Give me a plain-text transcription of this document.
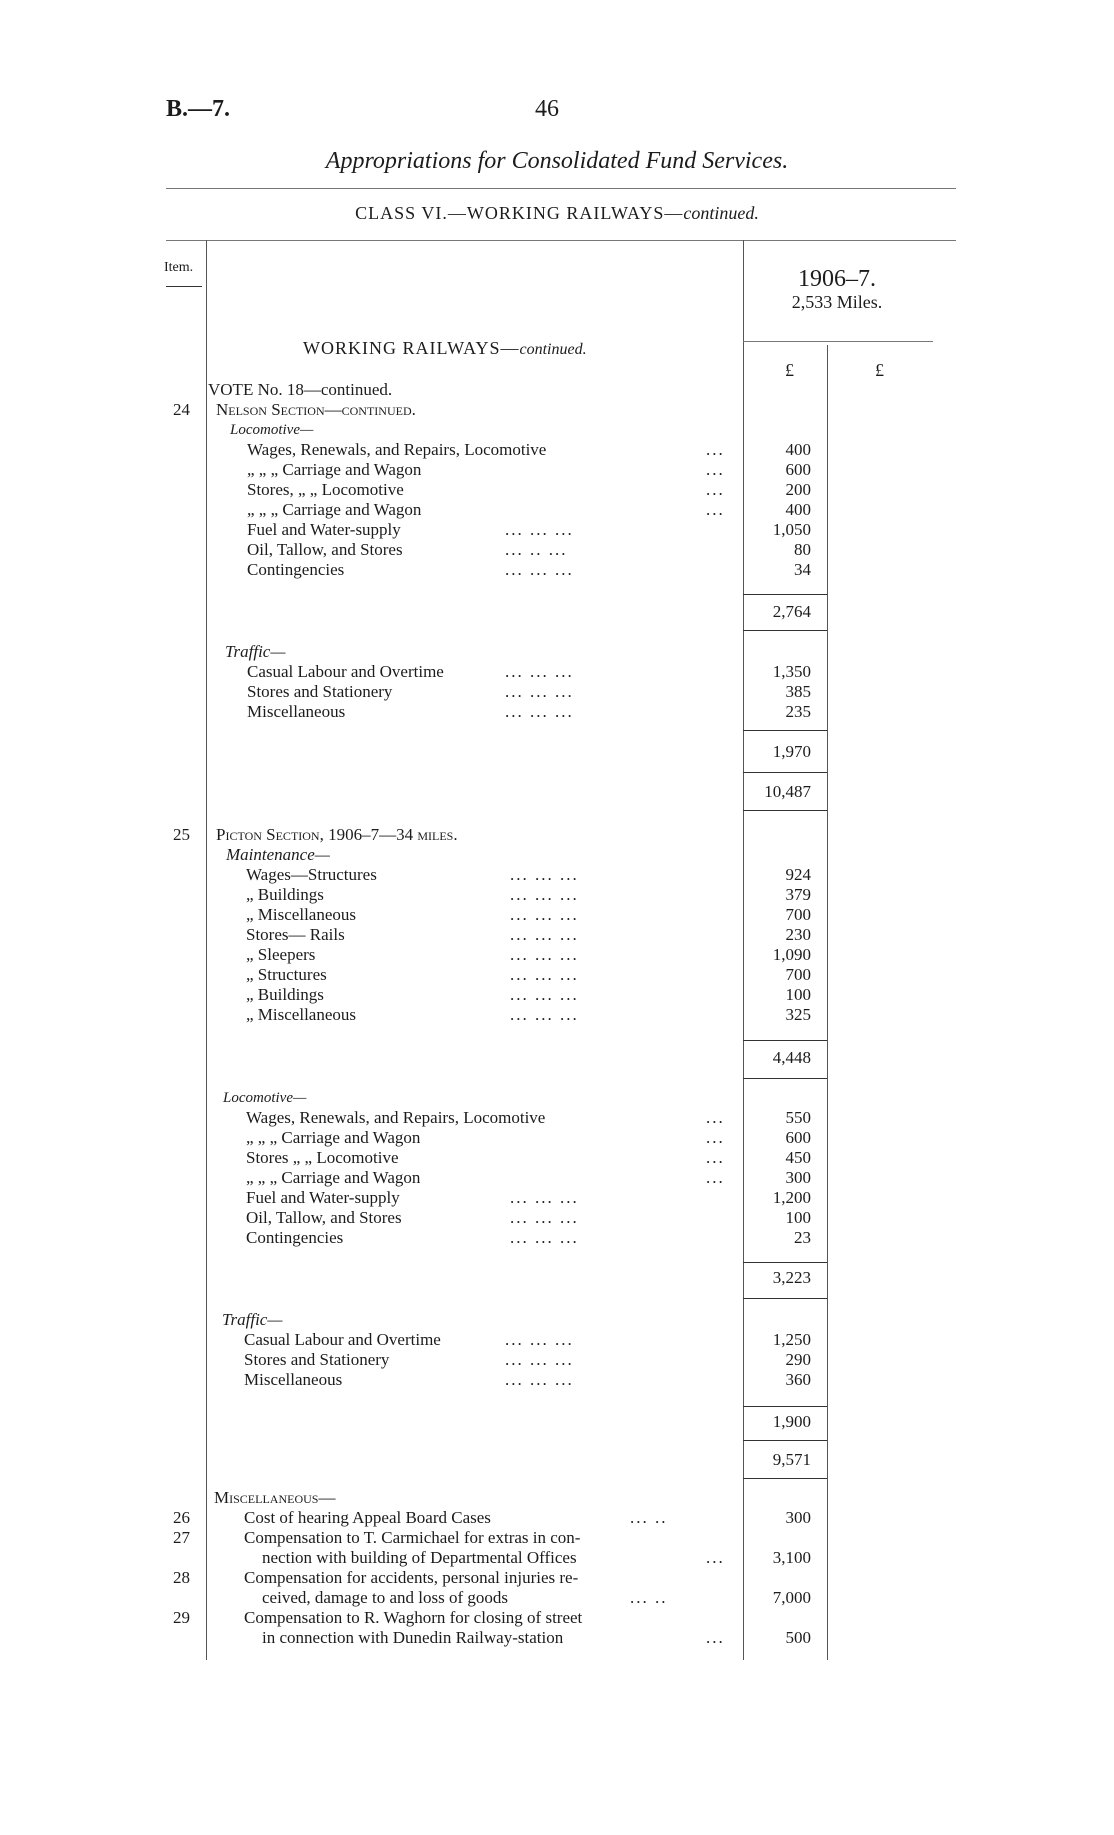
B.—7.	46
Appropriations for Consolidated Fund Services.
CLASS VI.—WORKING RAILWAYS—continued.
Item.	1906–7.
2,533 Miles.
WORKING RAILWAYS—continued.
£	£
VOTE No. 18—continued.
24 Nelson Section—continued.
Locomotive—
Wages, Renewals, and Repairs, Locomotive	...	400
„ „ „ Carriage and Wagon	...	600
Stores, „ „ Locomotive	...	200
„ „ „ Carriage and Wagon	...	400
Fuel and Water-supply	... ... ...	1,050
Oil, Tallow, and Stores	... .. ...	80
Contingencies	... ... ...	34
2,764
Traffic—
Casual Labour and Overtime	... ... ...	1,350
Stores and Stationery	... ... ...	385
Miscellaneous	... ... ...	235
1,970
10,487
25 Picton Section, 1906–7—34 miles.
Maintenance—
Wages—Structures	... ... ...	924
„ Buildings	... ... ...	379
„ Miscellaneous	... ... ...	700
Stores— Rails	... ... ...	230
„ Sleepers	... ... ...	1,090
„ Structures	... ... ...	700
„ Buildings	... ... ...	100
„ Miscellaneous	... ... ...	325
4,448
Locomotive—
Wages, Renewals, and Repairs, Locomotive	...	550
„ „ „ Carriage and Wagon	...	600
Stores „ „ Locomotive	...	450
„ „ „ Carriage and Wagon	...	300
Fuel and Water-supply	... ... ...	1,200
Oil, Tallow, and Stores	... ... ...	100
Contingencies	... ... ...	23
3,223
Traffic—
Casual Labour and Overtime	... ... ...	1,250
Stores and Stationery	... ... ...	290
Miscellaneous	... ... ...	360
1,900
9,571
Miscellaneous—
26	Cost of hearing Appeal Board Cases	... ..	300
27	Compensation to T. Carmichael for extras in con-
nection with building of Departmental Offices	...	3,100
28	Compensation for accidents, personal injuries re-
ceived, damage to and loss of goods	... ..	7,000
29	Compensation to R. Waghorn for closing of street
in connection with Dunedin Railway-station	...	500
